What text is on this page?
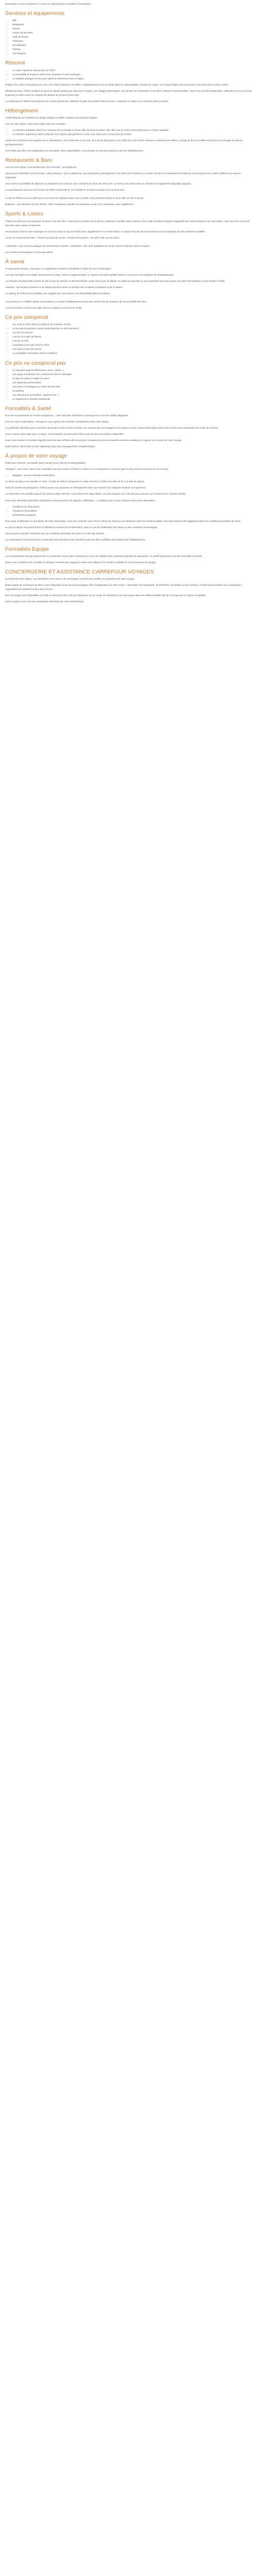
Description Ce prix comprend / Ce prix ne comprend pas Formalités Conciergerie

Services et équipements
• Wifi
• Restaurant
• Piscine
• Centre de bien-être
• Salle de fitness
• Télévision
• Climatisation
• Parking
• Conciergerie
Résumé
• Le cadre naturel et ressourçant de l'hôtel
• La tranquillité et le grand confort des chambres et des massages
• La situation pratique du lieu pour rayonner facilement dans la région

Profitez d'un séjour ressourçant au cœur d'un hôtel chaleureux et raffiné. L'établissement vous accueille dans un cadre paisible, entouré de nature, où chaque détail a été pensé pour votre bien-être et votre confort.

Idéalement situé, l'hôtel constitue un point de départ parfait pour découvrir la région, ses villages pittoresques, ses sentiers de randonnée et ses sites culturels incontournables. Après une journée d'exploration, détendez-vous au bord de la piscine ou offrez-vous un moment de détente au centre de bien-être.

Le restaurant de l'hôtel vous propose une cuisine généreuse, élaborée à partir de produits frais et locaux, à savourer en salle ou en terrasse selon la saison.

Hébergement

L'hôtel dispose de chambres au design élégant et raffiné, réparties sur plusieurs étages.

Lors de votre séjour, vous serez logés dans une chambre :

• La chambre Standard (16m²) se compose d'un lit double et d'une salle de bains privative. Elle offre tout le confort nécessaire pour un séjour agréable.
• La chambre Supérieure (20m²) dispose d'un espace plus généreux et d'un coin salon pour encore plus de confort.

Toutes les chambres sont équipées de la climatisation, d'une télévision écran plat, d'un accès Wifi gratuit, d'un coffre-fort, d'un sèche-cheveux et d'articles de toilette. Le linge de lit et de toilette est fourni et le ménage est assuré quotidiennement.

Un lit bébé peut être mis à disposition sur demande, selon disponibilités. Les animaux ne sont pas admis au sein de l'établissement.

Restaurants & Bars

Lors de votre séjour, vous bénéficierez de la formule : petit-déjeuner.

Vous pourrez bénéficier de la formule « demi-pension » avec supplément, qui comprend le petit-déjeuner et le dîner (hors boissons). Le dîner est servi au restaurant de l'hôtel qui vous propose une cuisine raffinée aux saveurs régionales.

Vous aurez la possibilité de déjeuner au restaurant à la carte de 12h à 14h30 et de dîner de 19h à 22h. Un service de restauration en chambre est également disponible (payant).

Le petit-déjeuner est servi sous forme de buffet continental de 7h à 10h30 en semaine et jusqu'à 11h le week-end.

Le bar de l'hôtel vous accueille pour un moment de détente autour d'un cocktail, d'une boisson fraîche ou d'un café, de 10h à minuit.

Boissons : une sélection de vins, bières, softs et boissons chaudes est proposée au bar et au restaurant, avec supplément.

Sports & Loisirs

L'hôtel est idéal pour les amateurs de sport et de bien-être. Vous pourrez profiter d'une piscine extérieure chauffée (selon saison), d'une salle de fitness équipée d'appareils de cardio-training et de musculation, ainsi que d'un centre de bien-être avec sauna et hammam.

Vous pouvez réserver des massages et soins du corps au spa de l'hôtel (avec supplément et sur réservation). Un large choix de soins relaxants vous sera proposé par des praticiens qualifiés.

Accès au centre de bien-être : réservé aux plus de 16 ans. Horaires d'ouverture : de 10h à 20h tous les jours.

À proximité, vous pourrez pratiquer de nombreuses activités : randonnée, vélo, golf, équitation ou encore sports nautiques selon la saison.

Les animaux domestiques ne sont pas admis.

À savoir

Si vous partez seul(e), vous aurez un supplément chambre individuelle à régler lors de la réservation.

Une taxe de séjour est à régler directement sur place, selon la réglementation en vigueur (montant variable selon la commune et la catégorie de l'établissement).

La chambre est disponible à partir de 15h le jour de l'arrivée et doit être libérée avant 11h le jour du départ. Un dépôt de garantie ou une empreinte bancaire pourra vous être demandé(e) à votre arrivée à l'hôtel.

Attention : les horaires d'arrivée et de départ peuvent varier en fonction des conditions sanitaires et de la saison.

Le parking de l'hôtel est accessible avec supplément, sous réserve de disponibilité (places limitées).

Les personnes à mobilité réduite sont invitées à contacter l'établissement avant leur arrivée afin de s'assurer de l'accessibilité des lieux.

Le port de tenue correcte est exigé dans les espaces communs de l'hôtel.

Ce prix comprend
• Les nuits en hôtel dans la catégorie de chambre choisie
• La formule de pension choisie (petit-déjeuner ou demi-pension)
• L'accès à la piscine
• L'accès à la salle de fitness
• L'accès au Wifi
• L'assistance de notre service client
• Les taxes et frais de service
• La possibilité d'annulation selon conditions
Ce prix ne comprend pas
• Le transport jusqu'à l'hôtel (train, avion, voiture...)
• Les repas et boissons non mentionnés dans le descriptif
• La taxe de séjour à régler sur place
• Les dépenses personnelles
• Les soins et massages au centre de bien-être
• Le parking
• Les assurances (annulation, rapatriement...)
• Le supplément chambre individuelle
Formalités & Santé

Pour les ressortissants de l'Union européenne : carte nationale d'identité ou passeport en cours de validité obligatoire.

Pour les autres nationalités, renseignez-vous auprès des autorités compétentes avant votre départ.

Un justificatif d'identité pourra vous être demandé à votre arrivée à l'hôtel. Les mineurs non accompagnés d'un parent ou d'un représentant légal doivent être munis d'une autorisation de sortie du territoire.

Aucun vaccin n'est exigé pour ce séjour. Il est toutefois recommandé d'être à jour de ses vaccinations habituelles.

Nous vous invitons à consulter régulièrement les sites officiels afin de prendre connaissance des éventuelles mesures sanitaires en vigueur au moment de votre voyage.

Notre service client reste à votre disposition pour tout renseignement complémentaire.

À propos de votre voyage

Hôtel avec terrasse, accessible toute l'année (sous réserve de disponibilités).

Transport : non inclus. Nous vous conseillons de vous rendre à l'hôtel en voiture ou en transports en commun (gare la plus proche à environ 15 min en taxi).

• Bagages : aucune restriction particulière.

La durée du séjour est calculée en nuits : la date de début correspond à la date d'arrivée à l'hôtel et la date de fin à la date de départ.

Selon le nombre de participants, l'hôtel pourra vous proposer un hébergement dans une chambre de catégorie similaire ou supérieure.

La réservation est possible jusqu'à 24h avant la date d'arrivée, sous réserve de disponibilité. Les prix indiqués sont calculés par personne sur la base d'une chambre double.

Pour toute demande particulière (chambres communicantes, lits séparés, célébration...), n'hésitez pas à nous contacter avant votre réservation.

• Conditions de réservation
• Conditions d'annulation
• Informations pratiques

Pour toute modification ou annulation de votre réservation, merci de contacter notre service client par email ou par téléphone dans les meilleurs délais. Des frais pourront être appliqués selon les conditions générales de vente.

Le prix du séjour est garanti ferme et définitif au moment de la réservation, sauf en cas de modification des taxes ou des conditions économiques.

Vous pouvez consulter l'ensemble de nos conditions générales de vente sur notre site internet.

Les informations contenues dans ce descriptif sont données à titre indicatif et peuvent être modifiées sans préavis par l'établissement.

Formalités Equipe

Les ressortissants français doivent être en possession d'une pièce d'identité en cours de validité (carte nationale d'identité ou passeport). Un justificatif pourra vous être demandé à l'arrivée.

Nous vous conseillons de consulter la rubrique Conseils aux voyageurs avant votre départ et de vérifier la validité de vos documents de voyage.

CONCIERGERIE ET ASSISTANCE CARREFOUR VOYAGES

En réservant votre séjour, vous bénéficiez d'un service de conciergerie exclusif pour faciliter la préparation de votre voyage.

Notre équipe de concierges se tient à votre disposition pour vous accompagner dans l'organisation de votre séjour : réservation de restaurants, de transferts, d'activités ou d'excursions, conseils personnalisés sur la destination, organisation de surprises et bien plus encore.

Nos concierges sont disponibles du lundi au samedi de 9h à 19h par téléphone ou par email. Ils répondent à vos demandes dans les meilleurs délais afin de vous garantir un séjour inoubliable.

Service gratuit, hors coût des prestations réservées par votre intermédiaire.
